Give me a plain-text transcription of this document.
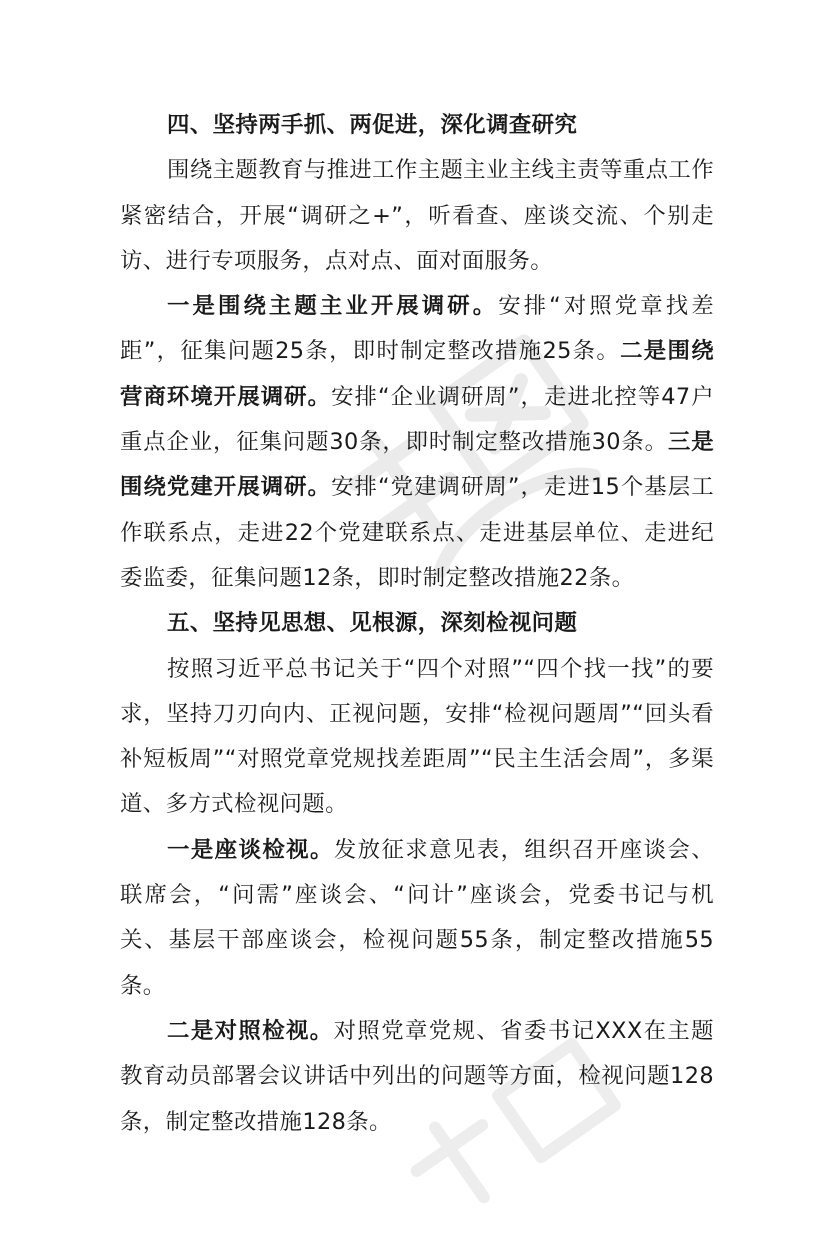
四、坚持两手抓、两促进，深化调查研究

围绕主题教育与推进工作主题主业主线主责等重点工作紧密结合，开展“调研之+”，听看查、座谈交流、个别走访、进行专项服务，点对点、面对面服务。

一是围绕主题主业开展调研。安排“对照党章找差距”，征集问题25条，即时制定整改措施25条。二是围绕营商环境开展调研。安排“企业调研周”，走进北控等47户重点企业，征集问题30条，即时制定整改措施30条。三是围绕党建开展调研。安排“党建调研周”，走进15个基层工作联系点，走进22个党建联系点、走进基层单位、走进纪委监委，征集问题12条，即时制定整改措施22条。

五、坚持见思想、见根源，深刻检视问题

按照习近平总书记关于“四个对照”“四个找一找”的要求，坚持刀刃向内、正视问题，安排“检视问题周”“回头看补短板周”“对照党章党规找差距周”“民主生活会周”，多渠道、多方式检视问题。

一是座谈检视。发放征求意见表，组织召开座谈会、联席会，“问需”座谈会、“问计”座谈会，党委书记与机关、基层干部座谈会，检视问题55条，制定整改措施55条。

二是对照检视。对照党章党规、省委书记XXX在主题教育动员部署会议讲话中列出的问题等方面，检视问题128条，制定整改措施128条。
